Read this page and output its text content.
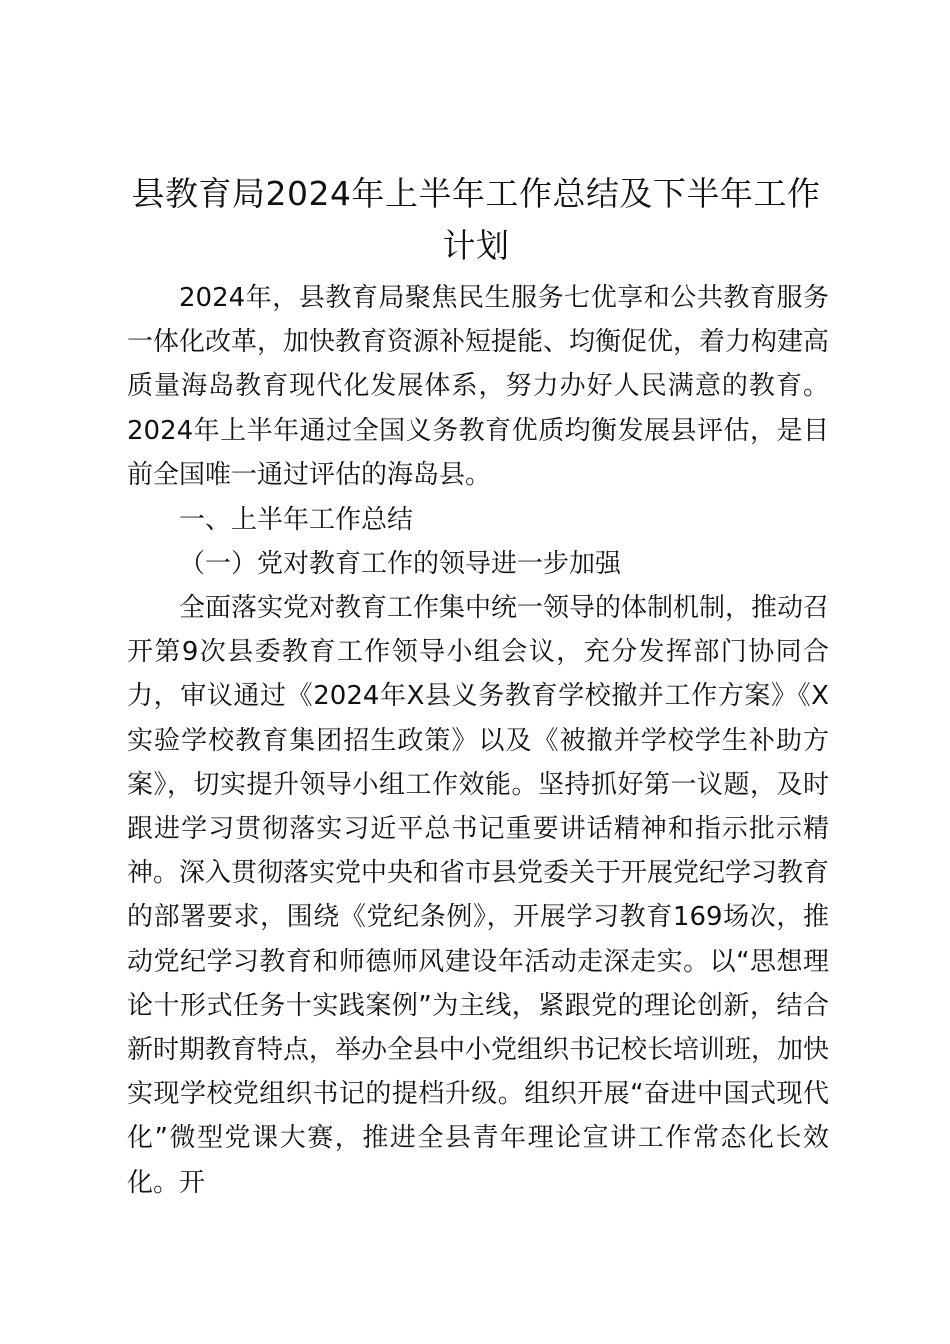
县教育局2024年上半年工作总结及下半年工作计划

2024年，县教育局聚焦民生服务七优享和公共教育服务一体化改革，加快教育资源补短提能、均衡促优，着力构建高质量海岛教育现代化发展体系，努力办好人民满意的教育。2024年上半年通过全国义务教育优质均衡发展县评估，是目前全国唯一通过评估的海岛县。

一、上半年工作总结

（一）党对教育工作的领导进一步加强

全面落实党对教育工作集中统一领导的体制机制，推动召开第9次县委教育工作领导小组会议，充分发挥部门协同合力，审议通过《2024年X县义务教育学校撤并工作方案》《X实验学校教育集团招生政策》以及《被撤并学校学生补助方案》，切实提升领导小组工作效能。坚持抓好第一议题，及时跟进学习贯彻落实习近平总书记重要讲话精神和指示批示精神。深入贯彻落实党中央和省市县党委关于开展党纪学习教育的部署要求，围绕《党纪条例》，开展学习教育169场次，推动党纪学习教育和师德师风建设年活动走深走实。以“思想理论十形式任务十实践案例”为主线，紧跟党的理论创新，结合新时期教育特点，举办全县中小党组织书记校长培训班，加快实现学校党组织书记的提档升级。组织开展“奋进中国式现代化”微型党课大赛，推进全县青年理论宣讲工作常态化长效化。开
